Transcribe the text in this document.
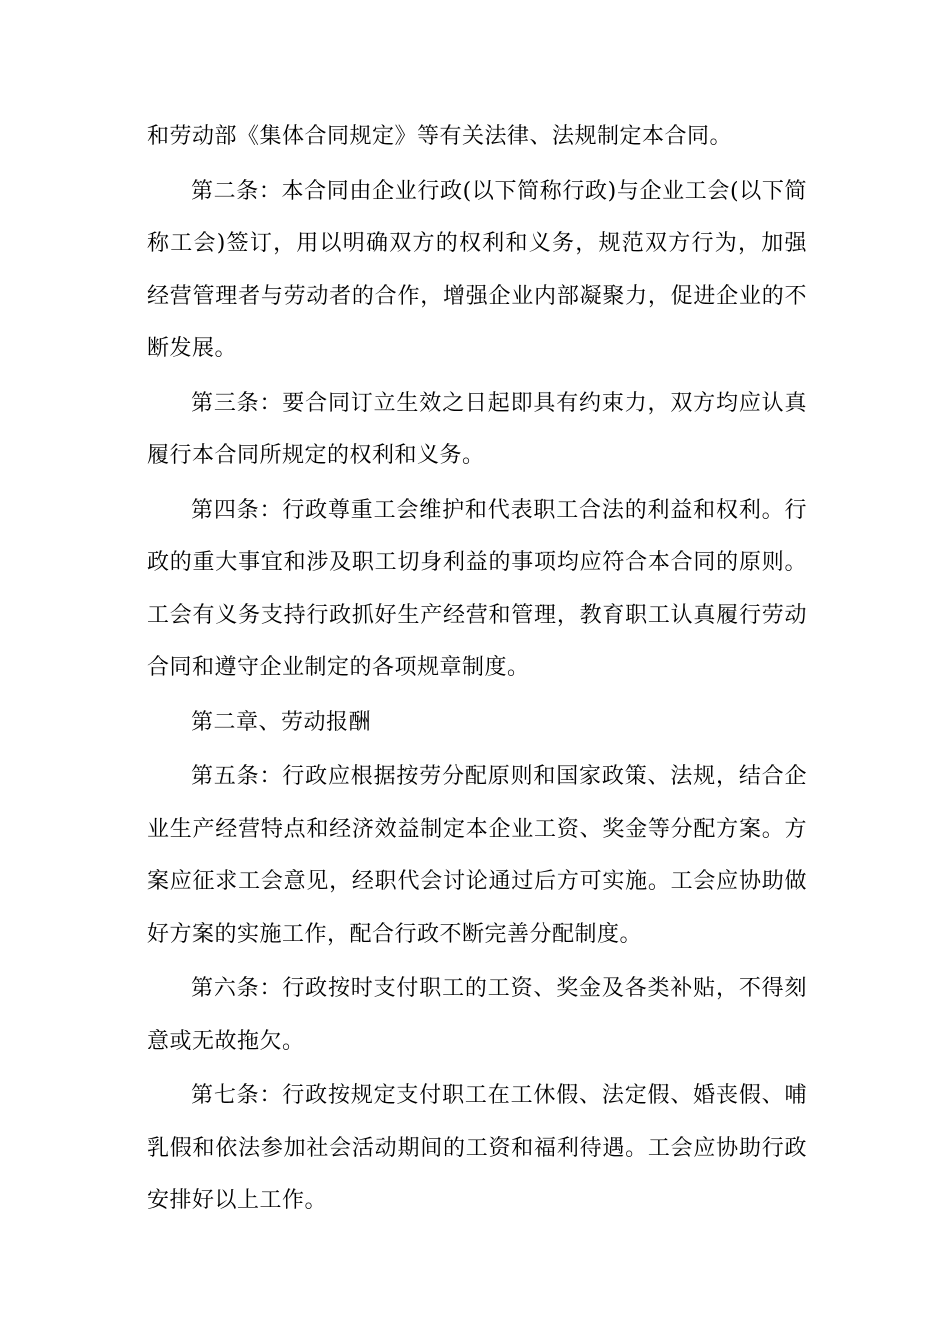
和劳动部《集体合同规定》等有关法律、法规制定本合同。

第二条：本合同由企业行政(以下简称行政)与企业工会(以下简称工会)签订，用以明确双方的权利和义务，规范双方行为，加强经营管理者与劳动者的合作，增强企业内部凝聚力，促进企业的不断发展。

第三条：要合同订立生效之日起即具有约束力，双方均应认真履行本合同所规定的权利和义务。

第四条：行政尊重工会维护和代表职工合法的利益和权利。行政的重大事宜和涉及职工切身利益的事项均应符合本合同的原则。工会有义务支持行政抓好生产经营和管理，教育职工认真履行劳动合同和遵守企业制定的各项规章制度。

第二章、劳动报酬

第五条：行政应根据按劳分配原则和国家政策、法规，结合企业生产经营特点和经济效益制定本企业工资、奖金等分配方案。方案应征求工会意见，经职代会讨论通过后方可实施。工会应协助做好方案的实施工作，配合行政不断完善分配制度。

第六条：行政按时支付职工的工资、奖金及各类补贴，不得刻意或无故拖欠。

第七条：行政按规定支付职工在工休假、法定假、婚丧假、哺乳假和依法参加社会活动期间的工资和福利待遇。工会应协助行政安排好以上工作。
